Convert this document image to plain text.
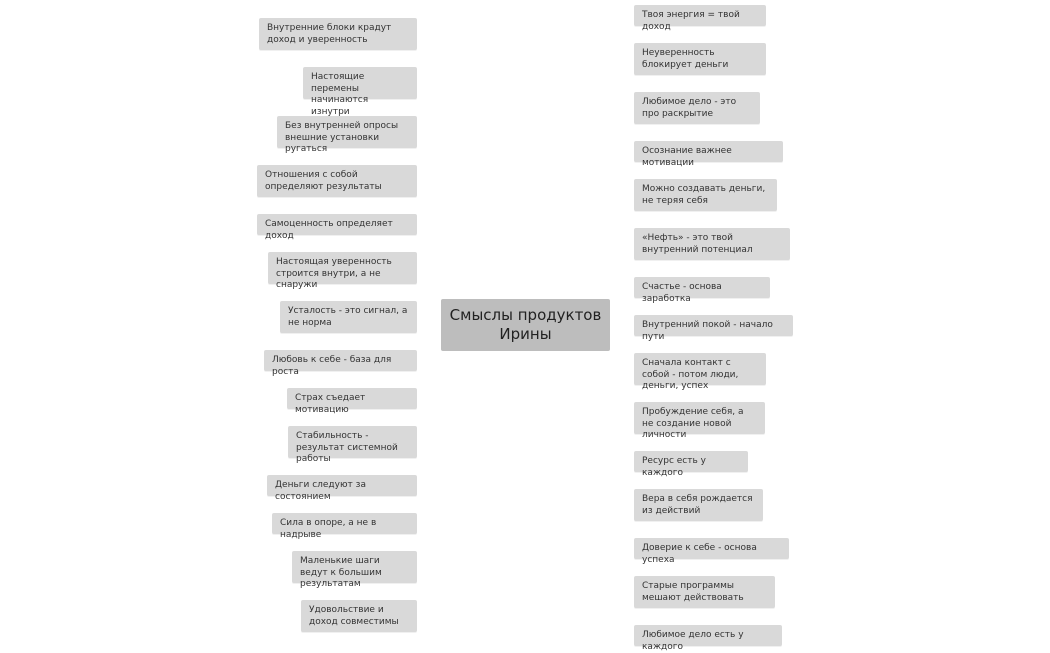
Смыслы продуктов Ирины
Внутренние блоки крадут доход и уверенность
Настоящие перемены начинаются изнутри
Без внутренней опросы внешние установки ругаться
Отношения с собой определяют результаты
Самоценность определяет доход
Настоящая уверенность строится внутри, а не снаружи
Усталость - это сигнал, а не норма
Любовь к себе - база для роста
Страх съедает мотивацию
Стабильность - результат системной работы
Деньги следуют за состоянием
Сила в опоре, а не в надрыве
Маленькие шаги ведут к большим результатам
Удовольствие и доход совместимы
Твоя энергия = твой доход
Неуверенность блокирует деньги
Любимое дело - это про раскрытие
Осознание важнее мотивации
Можно создавать деньги, не теряя себя
«Нефть» - это твой внутренний потенциал
Счастье - основа заработка
Внутренний покой - начало пути
Сначала контакт с собой - потом люди, деньги, успех
Пробуждение себя, а не создание новой личности
Ресурс есть у каждого
Вера в себя рождается из действий
Доверие к себе - основа успеха
Старые программы мешают действовать
Любимое дело есть у каждого
